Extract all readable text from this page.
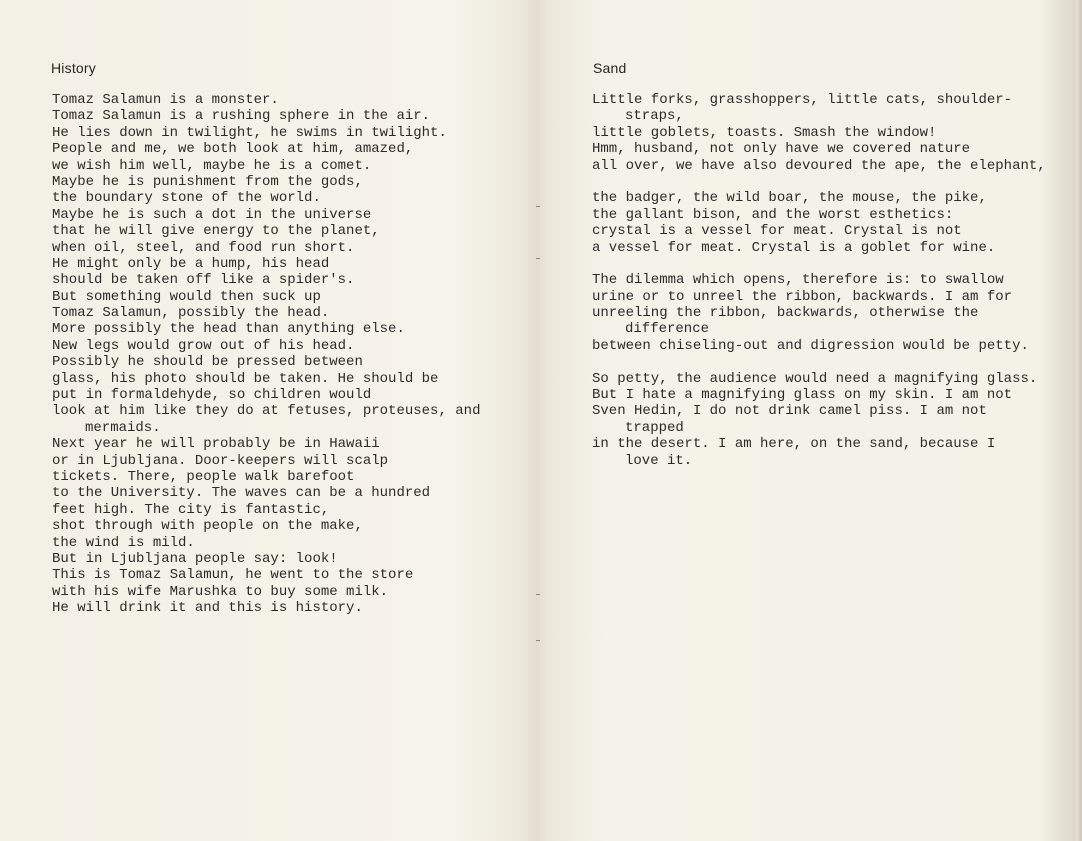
History
Tomaz Salamun is a monster.
Tomaz Salamun is a rushing sphere in the air.
He lies down in twilight, he swims in twilight.
People and me, we both look at him, amazed,
we wish him well, maybe he is a comet.
Maybe he is punishment from the gods,
the boundary stone of the world.
Maybe he is such a dot in the universe
that he will give energy to the planet,
when oil, steel, and food run short.
He might only be a hump, his head
should be taken off like a spider's.
But something would then suck up
Tomaz Salamun, possibly the head.
More possibly the head than anything else.
New legs would grow out of his head.
Possibly he should be pressed between
glass, his photo should be taken. He should be
put in formaldehyde, so children would
look at him like they do at fetuses, proteuses, and
mermaids.
Next year he will probably be in Hawaii
or in Ljubljana. Door-keepers will scalp
tickets. There, people walk barefoot
to the University. The waves can be a hundred
feet high. The city is fantastic,
shot through with people on the make,
the wind is mild.
But in Ljubljana people say: look!
This is Tomaz Salamun, he went to the store
with his wife Marushka to buy some milk.
He will drink it and this is history.
Sand
Little forks, grasshoppers, little cats, shoulder-
straps,
little goblets, toasts. Smash the window!
Hmm, husband, not only have we covered nature
all over, we have also devoured the ape, the elephant,
the badger, the wild boar, the mouse, the pike,
the gallant bison, and the worst esthetics:
crystal is a vessel for meat. Crystal is not
a vessel for meat. Crystal is a goblet for wine.
The dilemma which opens, therefore is: to swallow
urine or to unreel the ribbon, backwards. I am for
unreeling the ribbon, backwards, otherwise the
difference
between chiseling-out and digression would be petty.
So petty, the audience would need a magnifying glass.
But I hate a magnifying glass on my skin. I am not
Sven Hedin, I do not drink camel piss. I am not
trapped
in the desert. I am here, on the sand, because I
love it.
